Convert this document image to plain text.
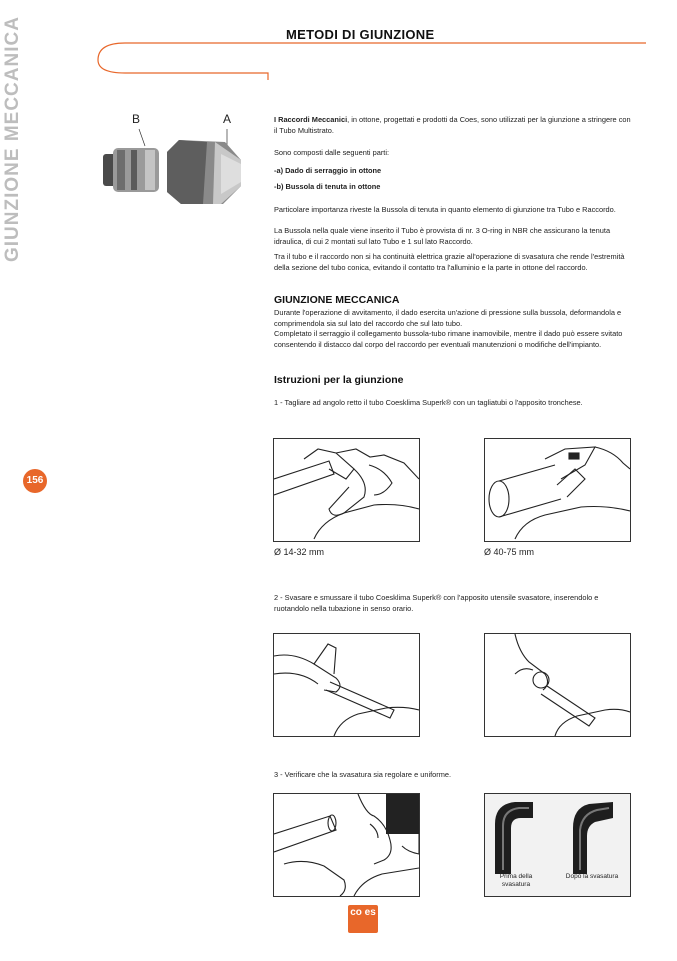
METODI DI GIUNZIONE
GIUNZIONE MECCANICA
156
B	A	I Raccordi Meccanici, in ottone, progettati e prodotti da Coes, sono utilizzati per la giunzione a stringere con il Tubo Multistrato.
Sono composti dalle seguenti parti:
-a) Dado di serraggio in ottone
-b) Bussola di tenuta in ottone
Particolare importanza riveste la Bussola di tenuta in quanto elemento di giunzione tra Tubo e Raccordo.
La Bussola nella quale viene inserito il Tubo è provvista di nr. 3 O-ring in NBR che assicurano la tenuta idraulica, di cui 2 montati sul lato Tubo e 1 sul lato Raccordo.
Tra il tubo e il raccordo non si ha continuità elettrica grazie all'operazione di svasatura che rende l'estremità della sezione del tubo conica, evitando il contatto tra l'alluminio e la parte in ottone del raccordo.
GIUNZIONE MECCANICA
Durante l'operazione di avvitamento, il dado esercita un'azione di pressione sulla bussola, deformandola e comprimendola sia sul lato del raccordo che sul lato tubo.
Completato il serraggio il collegamento bussola-tubo rimane inamovibile, mentre il dado può essere svitato consentendo il distacco dal corpo del raccordo per eventuali manutenzioni o modifiche dell'impianto.
Istruzioni per la giunzione
1 - Tagliare ad angolo retto il tubo Coesklima Superk® con un tagliatubi o l'apposito tronchese.
Ø 14-32 mm	Ø 40-75 mm
2 - Svasare e smussare il tubo Coesklima Superk® con l'apposito utensile svasatore, inserendolo e ruotandolo nella tubazione in senso orario.
3 - Verificare che la svasatura sia regolare e uniforme.
Prima della svasatura
Dopo la svasatura
co es
